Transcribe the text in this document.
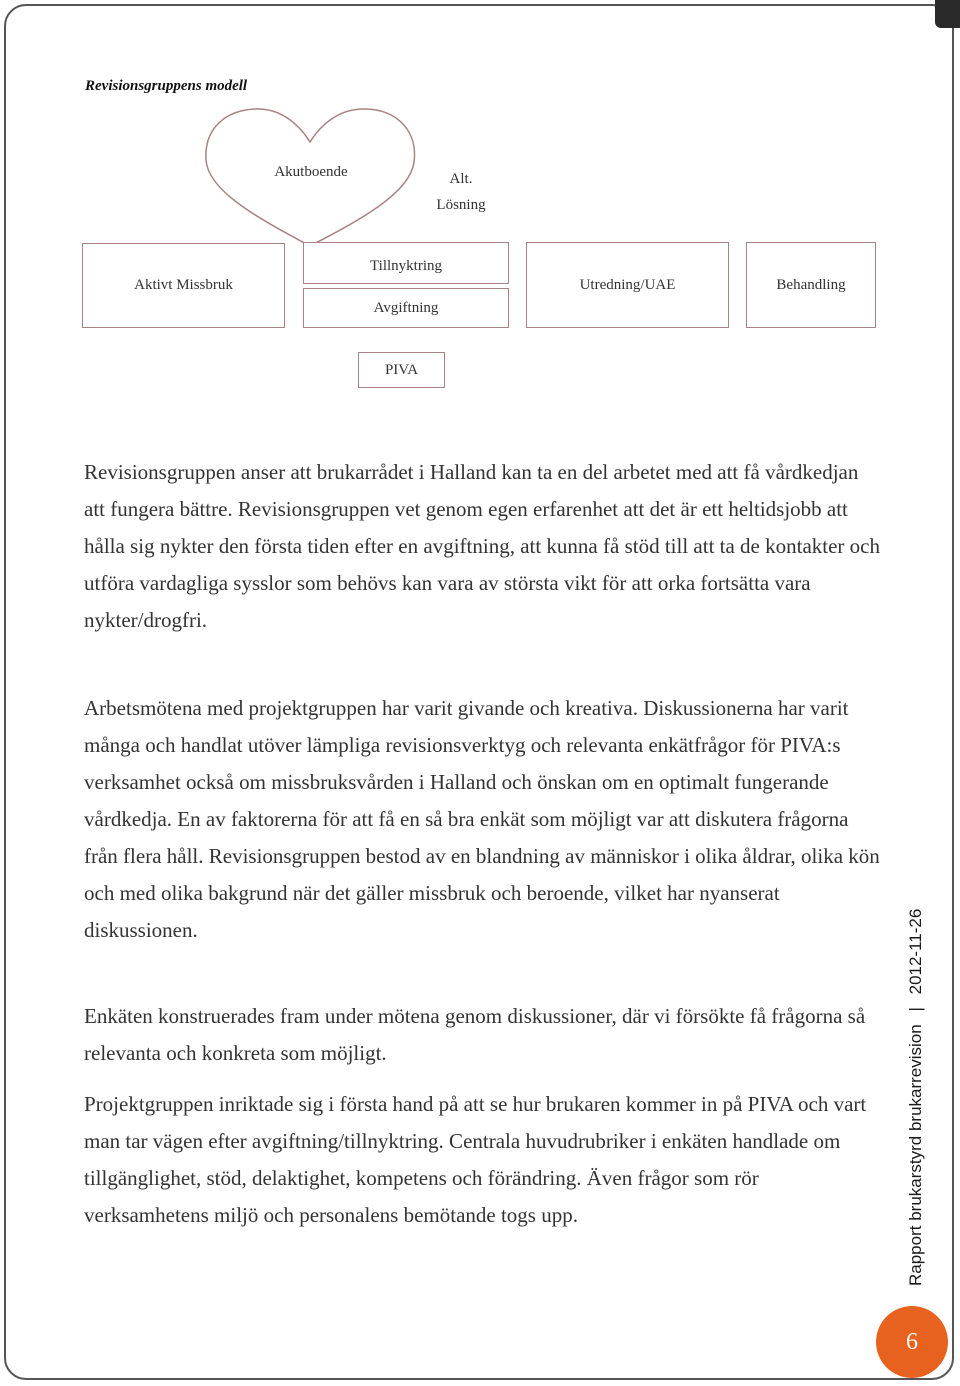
Revisionsgruppens modell
Aktivt Missbruk
Tillnyktring
Avgiftning
Utredning/UAE	Behandling
PIVA
Akutboende	Alt.
Lösning

Revisionsgruppen anser att brukarrådet i Halland kan ta en del arbetet med att få vårdkedjan att fungera bättre. Revisionsgruppen vet genom egen erfarenhet att det är ett heltidsjobb att hålla sig nykter den första tiden efter en avgiftning, att kunna få stöd till att ta de kontakter och utföra vardagliga sysslor som behövs kan vara av största vikt för att orka fortsätta vara nykter/drogfri.

Arbetsmötena med projektgruppen har varit givande och kreativa. Diskussionerna har varit många och handlat utöver lämpliga revisionsverktyg och relevanta enkätfrågor för PIVA:s verksamhet också om missbruksvården i Halland och önskan om en optimalt fungerande vårdkedja. En av faktorerna för att få en så bra enkät som möjligt var att diskutera frågorna från flera håll. Revisionsgruppen bestod av en blandning av människor i olika åldrar, olika kön och med olika bakgrund när det gäller missbruk och beroende, vilket har nyanserat diskussionen.

Enkäten konstruerades fram under mötena genom diskussioner, där vi försökte få frågorna så relevanta och konkreta som möjligt.

Projektgruppen inriktade sig i första hand på att se hur brukaren kommer in på PIVA och vart man tar vägen efter avgiftning/tillnyktring. Centrala huvudrubriker i enkäten handlade om tillgänglighet, stöd, delaktighet, kompetens och förändring. Även frågor som rör verksamhetens miljö och personalens bemötande togs upp.	Rapport brukarstyrd brukarrevision | 2012-11-26
6
